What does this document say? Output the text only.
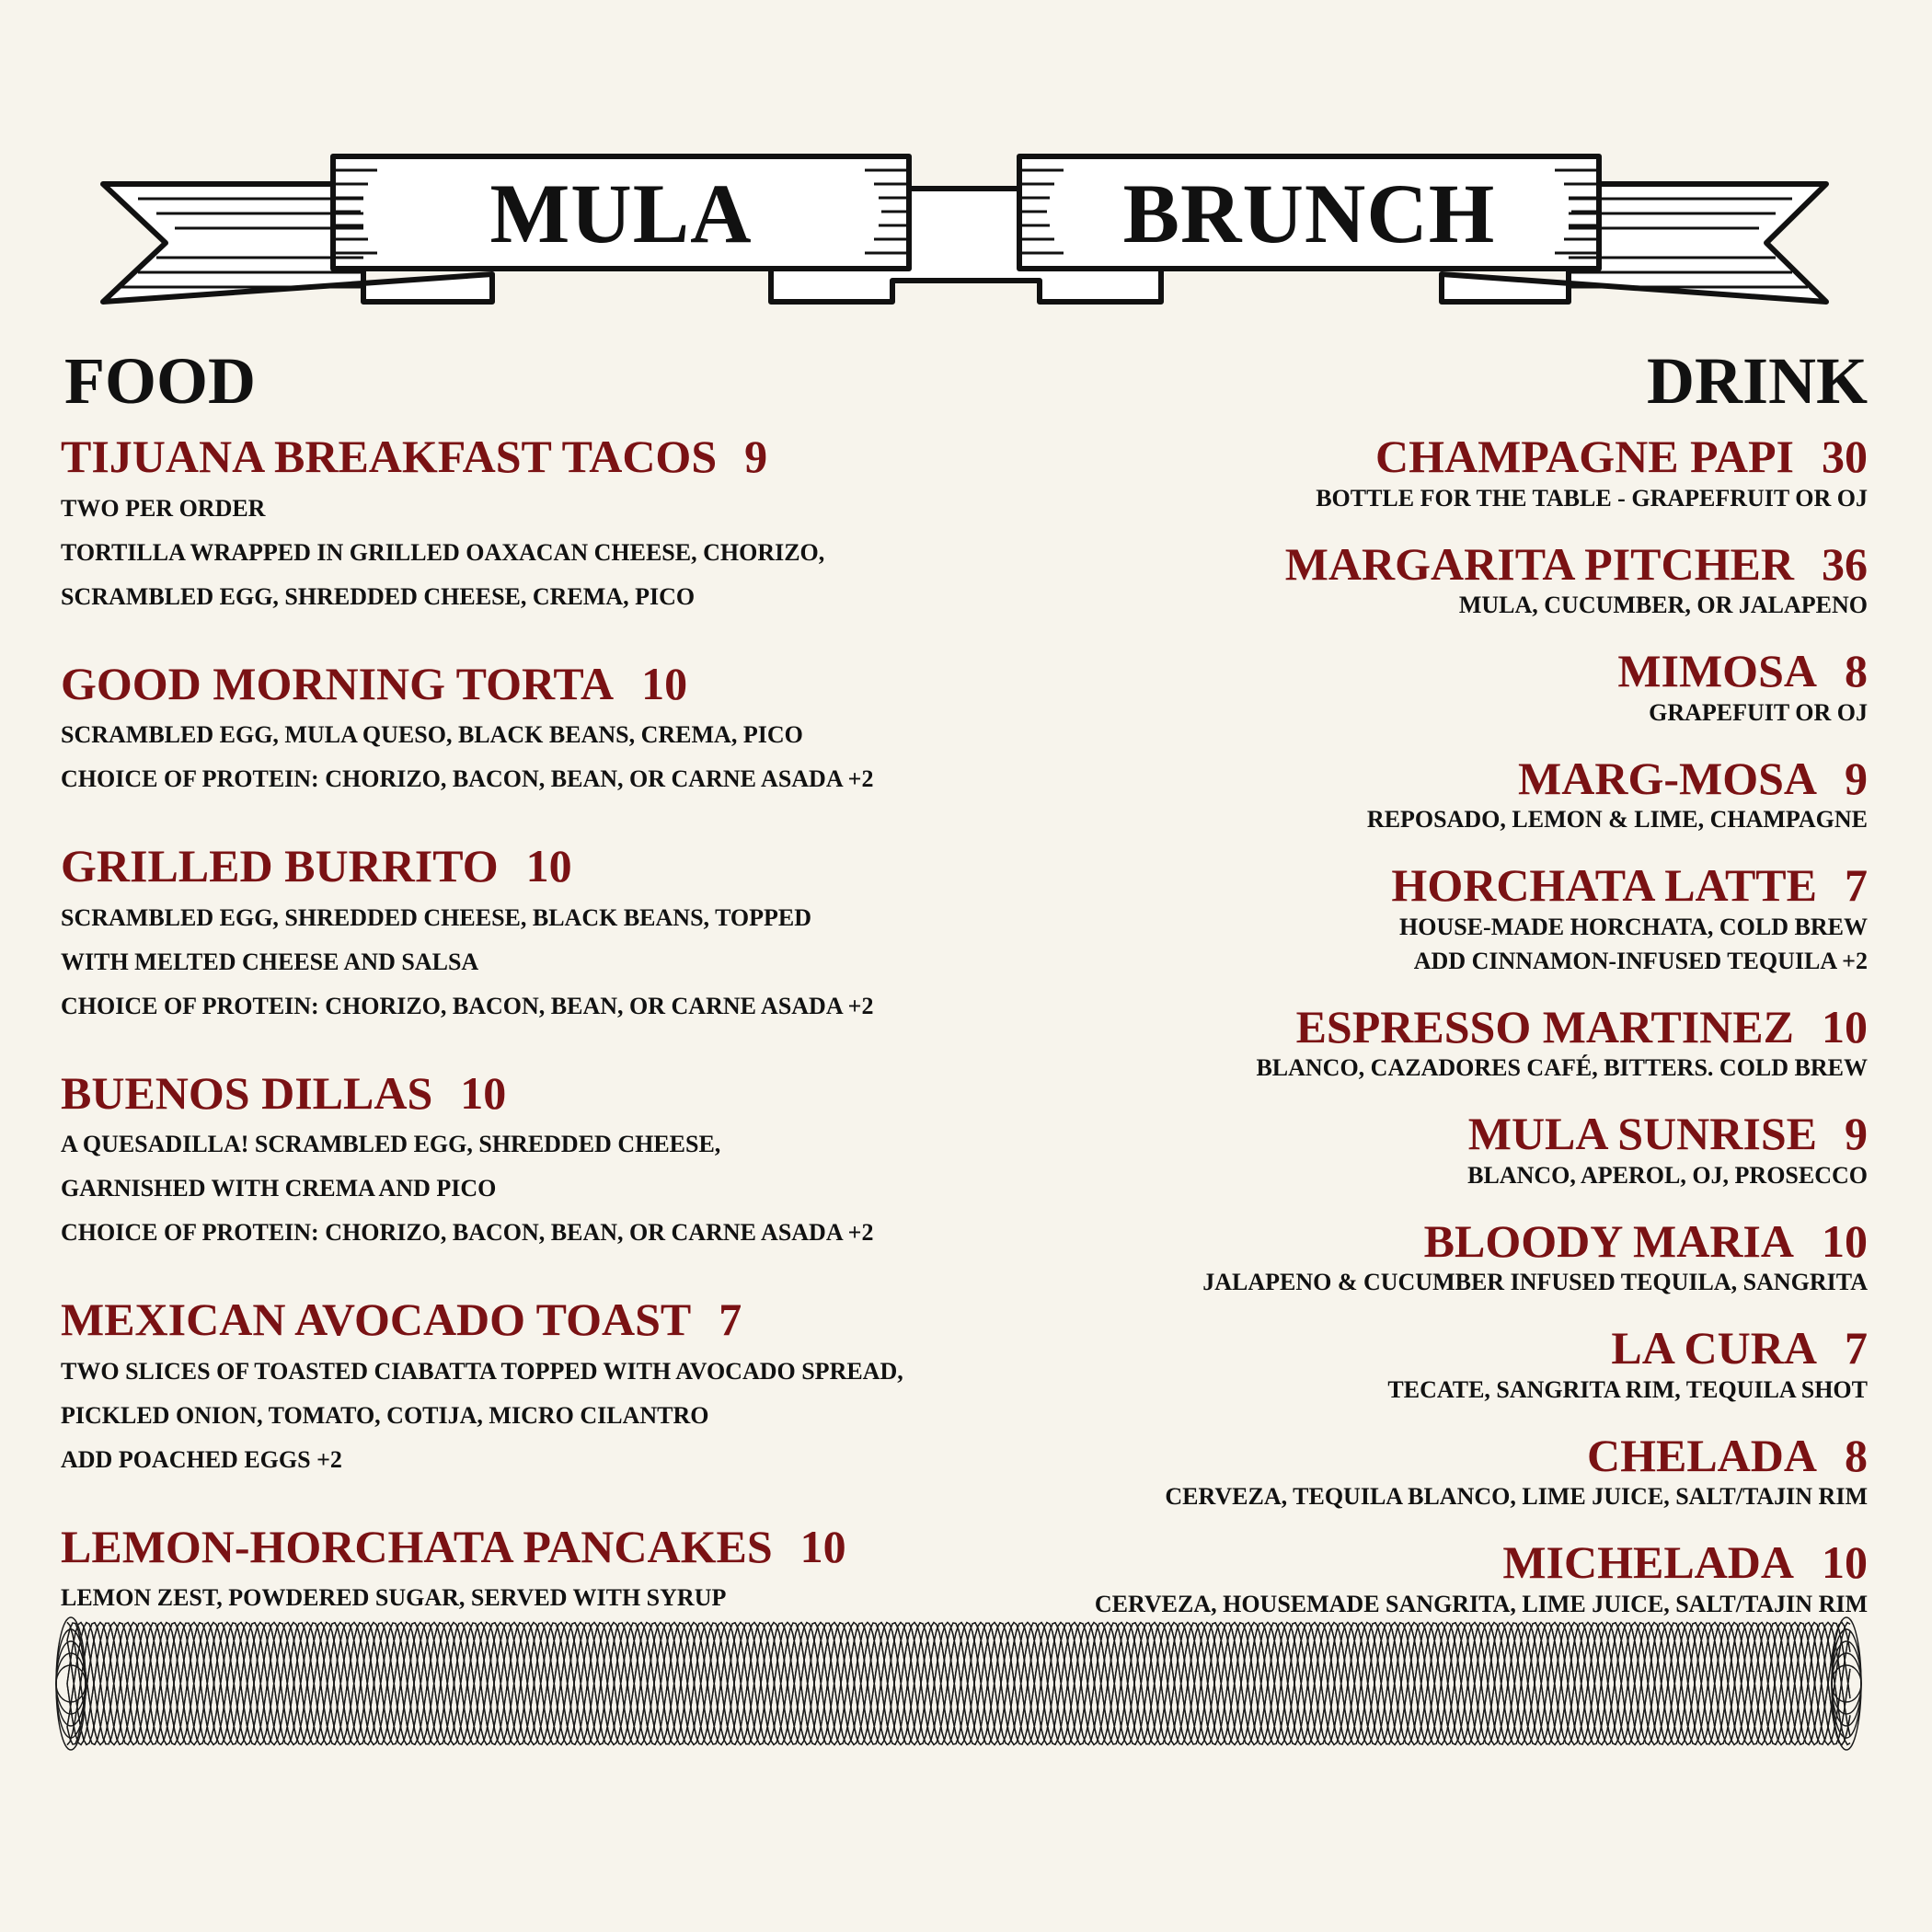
MULA	BRUNCH
FOOD	DRINK
TIJUANA BREAKFAST TACOS 9
TWO PER ORDER
TORTILLA WRAPPED IN GRILLED OAXACAN CHEESE, CHORIZO,
SCRAMBLED EGG, SHREDDED CHEESE, CREMA, PICO
GOOD MORNING TORTA 10
SCRAMBLED EGG, MULA QUESO, BLACK BEANS, CREMA, PICO
CHOICE OF PROTEIN: CHORIZO, BACON, BEAN, OR CARNE ASADA +2
GRILLED BURRITO 10
SCRAMBLED EGG, SHREDDED CHEESE, BLACK BEANS, TOPPED
WITH MELTED CHEESE AND SALSA
CHOICE OF PROTEIN: CHORIZO, BACON, BEAN, OR CARNE ASADA +2
BUENOS DILLAS 10
A QUESADILLA! SCRAMBLED EGG, SHREDDED CHEESE,
GARNISHED WITH CREMA AND PICO
CHOICE OF PROTEIN: CHORIZO, BACON, BEAN, OR CARNE ASADA +2
MEXICAN AVOCADO TOAST 7
TWO SLICES OF TOASTED CIABATTA TOPPED WITH AVOCADO SPREAD,
PICKLED ONION, TOMATO, COTIJA, MICRO CILANTRO
ADD POACHED EGGS +2
LEMON-HORCHATA PANCAKES 10
LEMON ZEST, POWDERED SUGAR, SERVED WITH SYRUP
CHAMPAGNE PAPI 30
BOTTLE FOR THE TABLE - GRAPEFRUIT OR OJ
MARGARITA PITCHER 36
MULA, CUCUMBER, OR JALAPENO
MIMOSA 8
GRAPEFUIT OR OJ
MARG-MOSA 9
REPOSADO, LEMON & LIME, CHAMPAGNE
HORCHATA LATTE 7
HOUSE-MADE HORCHATA, COLD BREW
ADD CINNAMON-INFUSED TEQUILA +2
ESPRESSO MARTINEZ 10
BLANCO, CAZADORES CAFÉ, BITTERS. COLD BREW
MULA SUNRISE 9
BLANCO, APEROL, OJ, PROSECCO
BLOODY MARIA 10
JALAPENO & CUCUMBER INFUSED TEQUILA, SANGRITA
LA CURA 7
TECATE, SANGRITA RIM, TEQUILA SHOT
CHELADA 8
CERVEZA, TEQUILA BLANCO, LIME JUICE, SALT/TAJIN RIM
MICHELADA 10
CERVEZA, HOUSEMADE SANGRITA, LIME JUICE, SALT/TAJIN RIM
